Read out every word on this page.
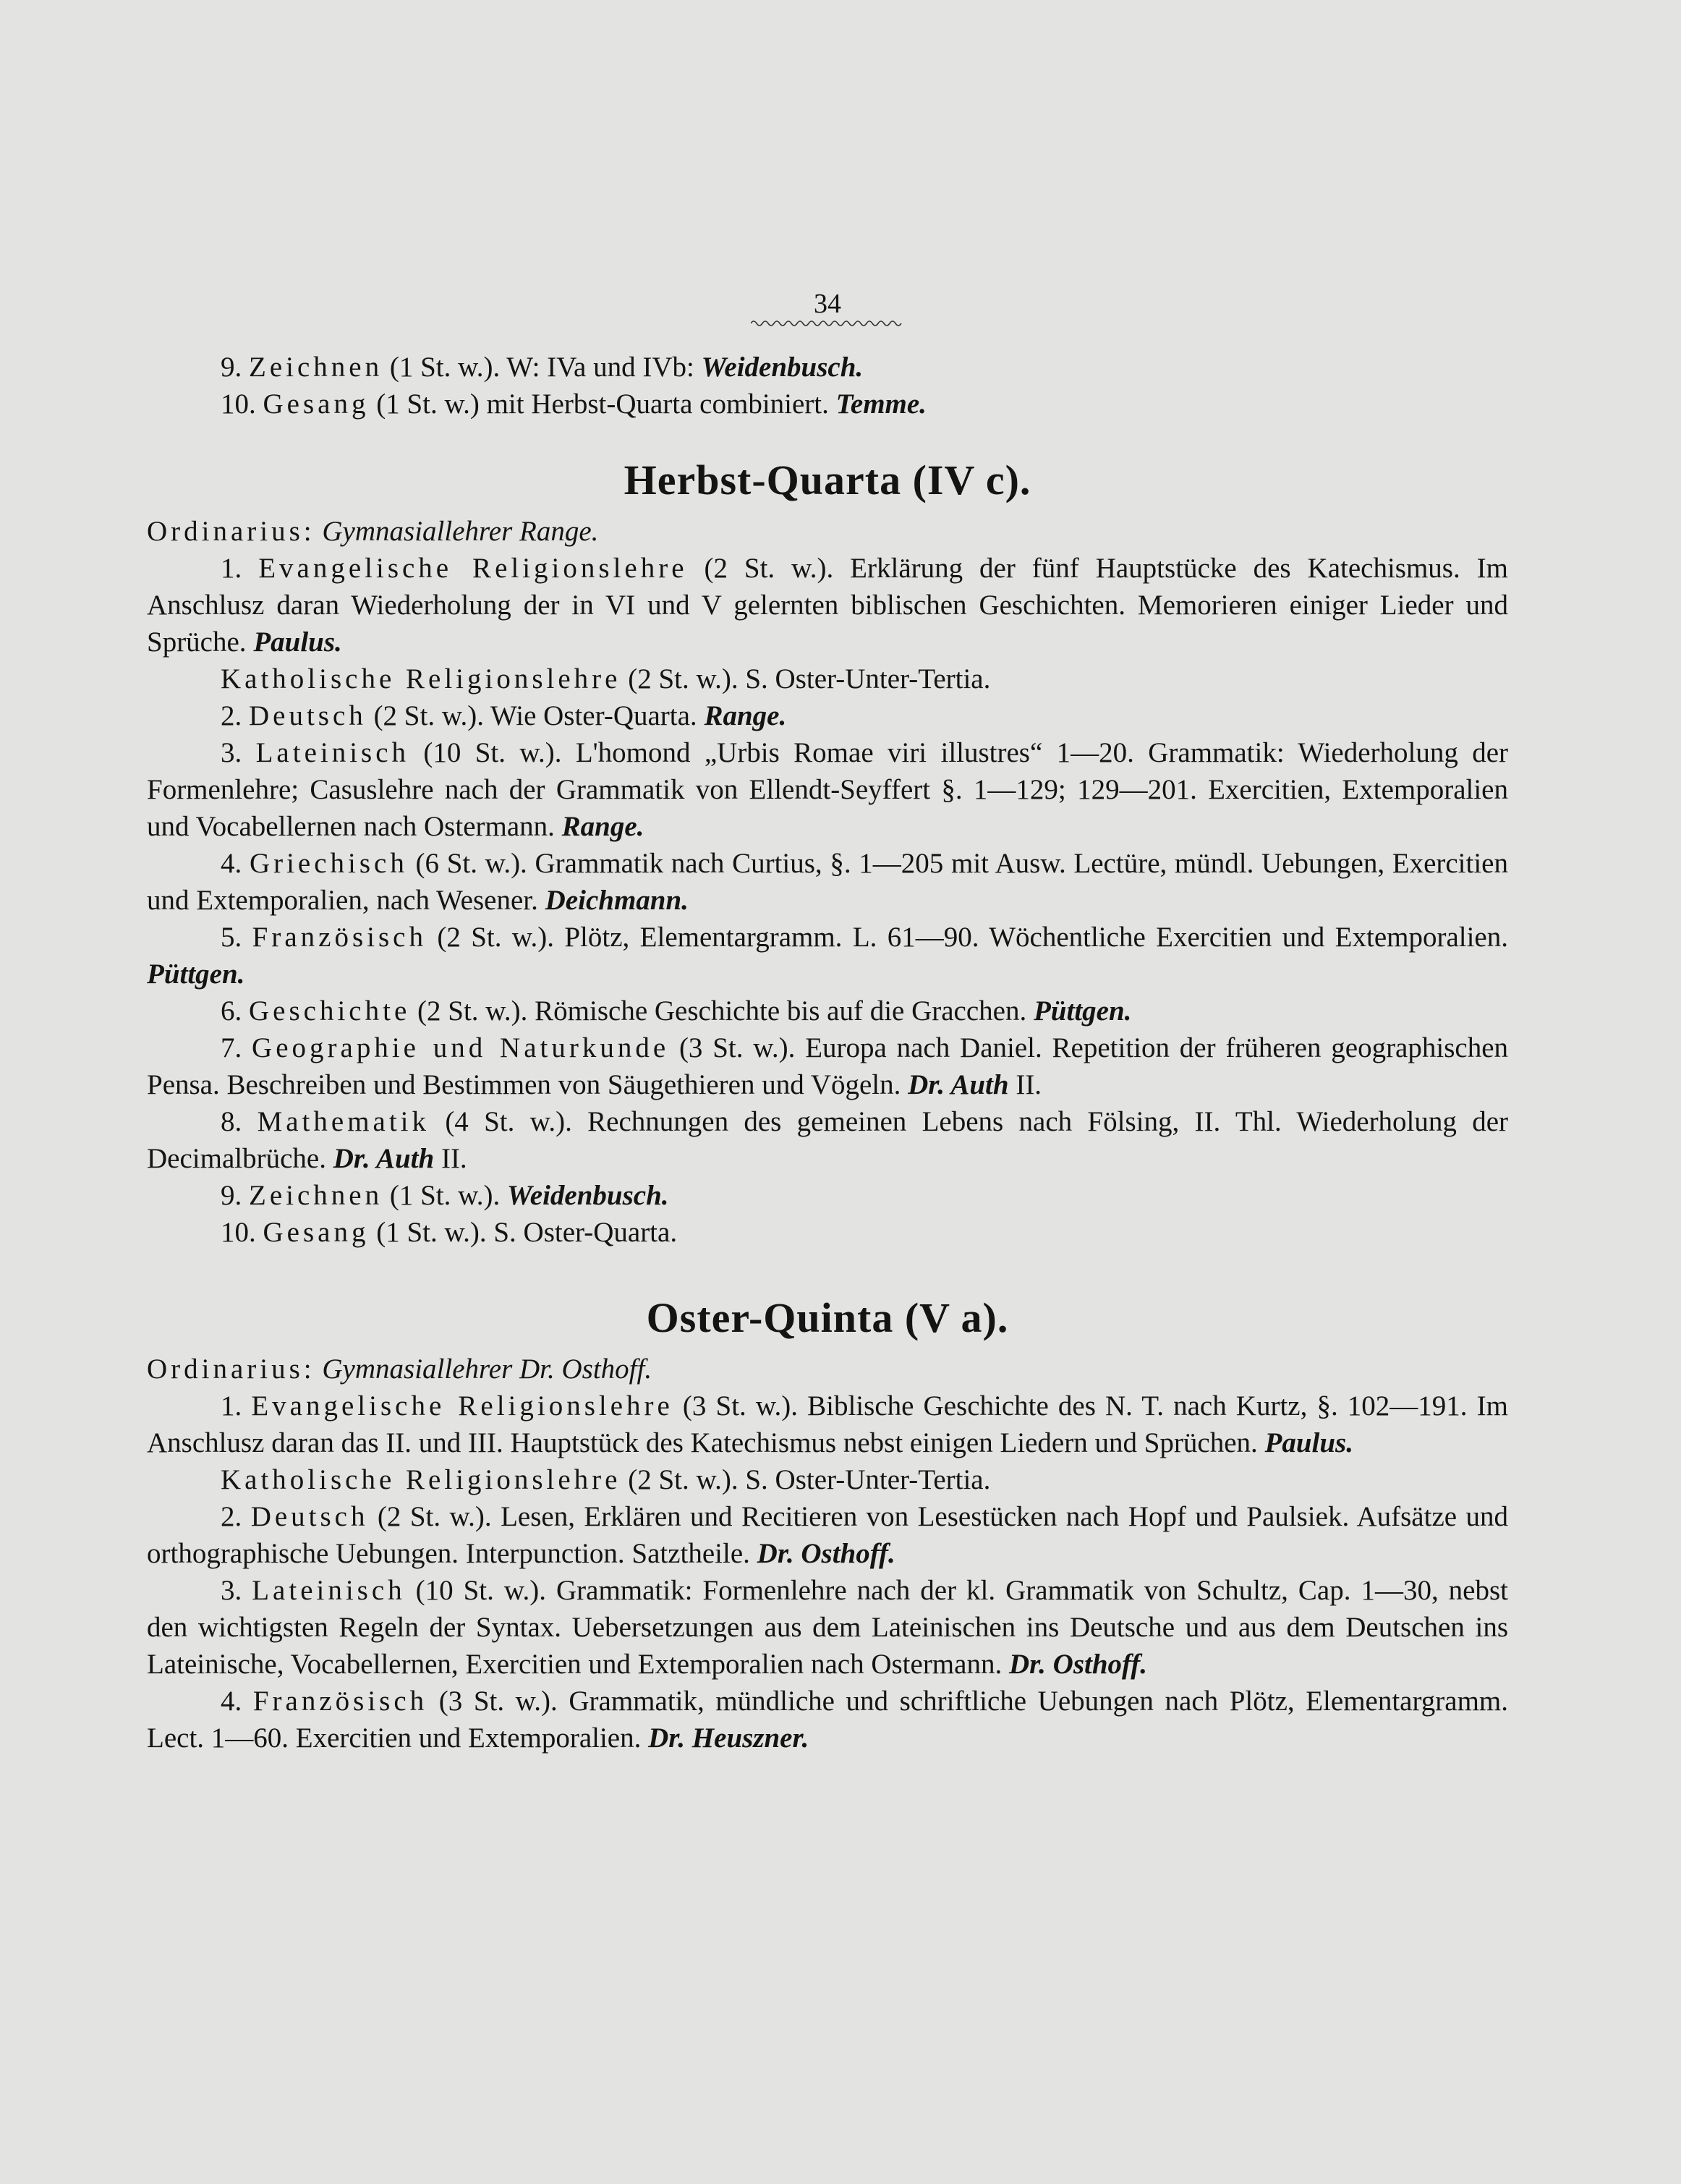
34

9. Zeichnen (1 St. w.). W: IVa und IVb: Weidenbusch.

10. Gesang (1 St. w.) mit Herbst-Quarta combiniert. Temme.

Herbst-Quarta (IV c).

Ordinarius: Gymnasiallehrer Range.

1. Evangelische Religionslehre (2 St. w.). Erklärung der fünf Hauptstücke des Katechismus. Im Anschlusz daran Wiederholung der in VI und V gelernten biblischen Geschichten. Memorieren einiger Lieder und Sprüche. Paulus.

Katholische Religionslehre (2 St. w.). S. Oster-Unter-Tertia.

2. Deutsch (2 St. w.). Wie Oster-Quarta. Range.

3. Lateinisch (10 St. w.). L'homond „Urbis Romae viri illustres“ 1—20. Grammatik: Wiederholung der Formenlehre; Casuslehre nach der Grammatik von Ellendt-Seyffert §. 1—129; 129—201. Exercitien, Extemporalien und Vocabellernen nach Ostermann. Range.

4. Griechisch (6 St. w.). Grammatik nach Curtius, §. 1—205 mit Ausw. Lectüre, mündl. Uebungen, Exercitien und Extemporalien, nach Wesener. Deichmann.

5. Französisch (2 St. w.). Plötz, Elementargramm. L. 61—90. Wöchentliche Exercitien und Extemporalien. Püttgen.

6. Geschichte (2 St. w.). Römische Geschichte bis auf die Gracchen. Püttgen.

7. Geographie und Naturkunde (3 St. w.). Europa nach Daniel. Repetition der früheren geographischen Pensa. Beschreiben und Bestimmen von Säugethieren und Vögeln. Dr. Auth II.

8. Mathematik (4 St. w.). Rechnungen des gemeinen Lebens nach Fölsing, II. Thl. Wiederholung der Decimalbrüche. Dr. Auth II.

9. Zeichnen (1 St. w.). Weidenbusch.

10. Gesang (1 St. w.). S. Oster-Quarta.

Oster-Quinta (V a).

Ordinarius: Gymnasiallehrer Dr. Osthoff.

1. Evangelische Religionslehre (3 St. w.). Biblische Geschichte des N. T. nach Kurtz, §. 102—191. Im Anschlusz daran das II. und III. Hauptstück des Katechismus nebst einigen Liedern und Sprüchen. Paulus.

Katholische Religionslehre (2 St. w.). S. Oster-Unter-Tertia.

2. Deutsch (2 St. w.). Lesen, Erklären und Recitieren von Lesestücken nach Hopf und Paulsiek. Aufsätze und orthographische Uebungen. Interpunction. Satztheile. Dr. Osthoff.

3. Lateinisch (10 St. w.). Grammatik: Formenlehre nach der kl. Grammatik von Schultz, Cap. 1—30, nebst den wichtigsten Regeln der Syntax. Uebersetzungen aus dem Lateinischen ins Deutsche und aus dem Deutschen ins Lateinische, Vocabellernen, Exercitien und Extemporalien nach Ostermann. Dr. Osthoff.

4. Französisch (3 St. w.). Grammatik, mündliche und schriftliche Uebungen nach Plötz, Elementargramm. Lect. 1—60. Exercitien und Extemporalien. Dr. Heuszner.
